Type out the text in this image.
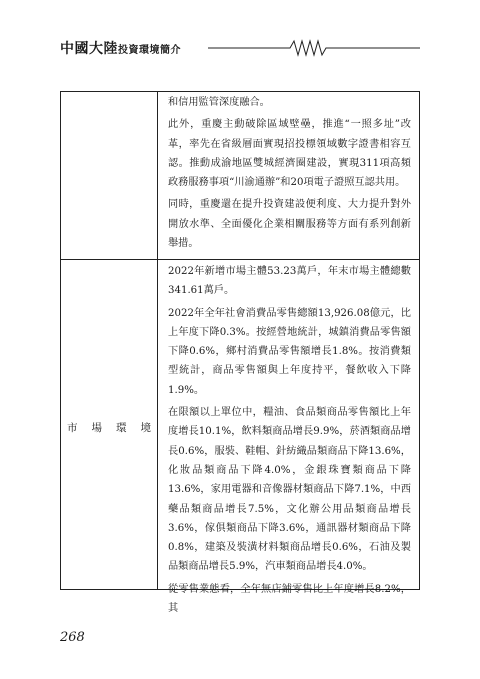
中國大陸投資環境簡介

和信用監管深度融合。

此外，重慶主動破除區域壁壘，推進“一照多址”改革，率先在省級層面實現招投標領域數字證書相容互認。推動成渝地區雙城經濟圈建設，實現311項高頻政務服務事項“川渝通辦”和20項電子證照互認共用。

同時，重慶還在提升投資建設便利度、大力提升對外開放水準、全面優化企業相關服務等方面有系列創新舉措。

市 場 環 境

2022年新增市場主體53.23萬戶，年末市場主體總數341.61萬戶。

2022年全年社會消費品零售總額13,926.08億元，比上年度下降0.3%。按經營地統計，城鎮消費品零售額下降0.6%，鄉村消費品零售額增長1.8%。按消費類型統計，商品零售額與上年度持平，餐飲收入下降1.9%。

在限額以上單位中，糧油、食品類商品零售額比上年度增長10.1%，飲料類商品增長9.9%，菸酒類商品增長0.6%，服裝、鞋帽、針紡織品類商品下降13.6%，化妝品類商品下降4.0%，金銀珠寶類商品下降13.6%，家用電器和音像器材類商品下降7.1%，中西藥品類商品增長7.5%，文化辦公用品類商品增長3.6%，傢俱類商品下降3.6%，通訊器材類商品下降0.8%，建築及裝潢材料類商品增長0.6%，石油及製品類商品增長5.9%，汽車類商品增長4.0%。

從零售業態看，全年無店鋪零售比上年度增長8.2%，其

268
